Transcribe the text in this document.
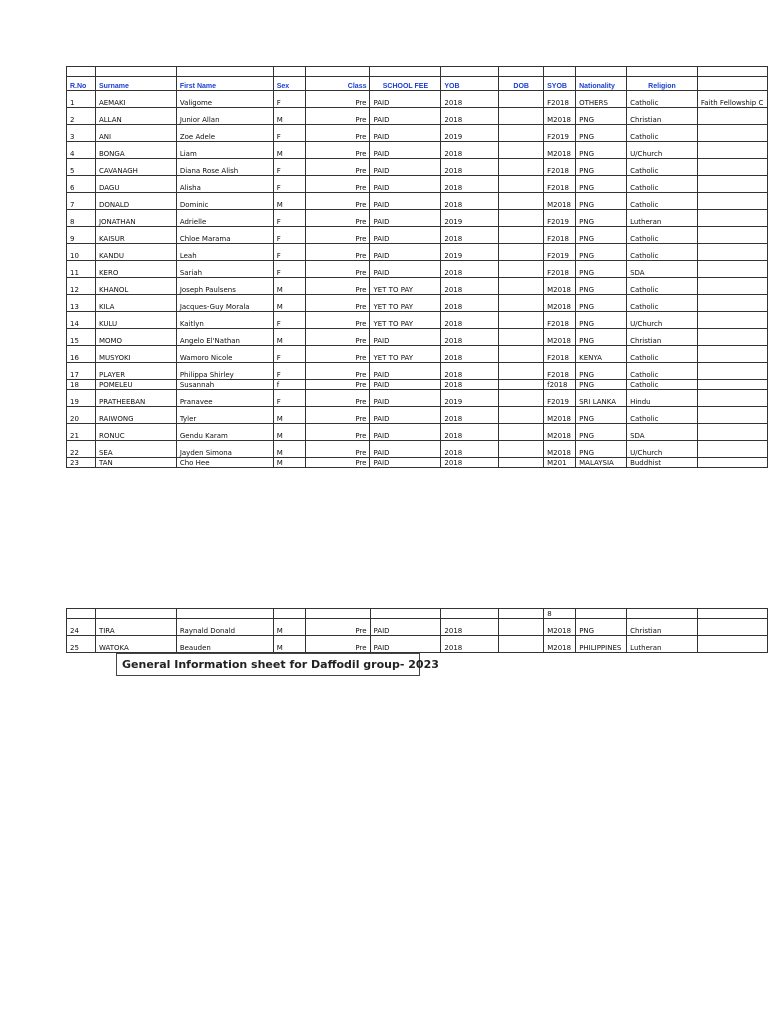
R.No	Surname	First Name	Sex	Class	SCHOOL FEE	YOB	DOB	SYOB	Nationality	Religion	
1	AEMAKI	Valigome	F	Pre	PAID	2018		F2018	OTHERS	Catholic	Faith Fellowship C
2	ALLAN	Junior Allan	M	Pre	PAID	2018		M2018	PNG	Christian	
3	ANI	Zoe Adele	F	Pre	PAID	2019		F2019	PNG	Catholic	
4	BONGA	Liam	M	Pre	PAID	2018		M2018	PNG	U/Church	
5	CAVANAGH	Diana Rose Alish	F	Pre	PAID	2018		F2018	PNG	Catholic	
6	DAGU	Alisha	F	Pre	PAID	2018		F2018	PNG	Catholic	
7	DONALD	Dominic	M	Pre	PAID	2018		M2018	PNG	Catholic	
8	JONATHAN	Adrielle	F	Pre	PAID	2019		F2019	PNG	Lutheran	
9	KAISUR	Chloe Marama	F	Pre	PAID	2018		F2018	PNG	Catholic	
10	KANDU	Leah	F	Pre	PAID	2019		F2019	PNG	Catholic	
11	KERO	Sariah	F	Pre	PAID	2018		F2018	PNG	SDA	
12	KHANOL	Joseph Paulsens	M	Pre	YET TO PAY	2018		M2018	PNG	Catholic	
13	KILA	Jacques-Guy Morala	M	Pre	YET TO PAY	2018		M2018	PNG	Catholic	
14	KULU	Kaitlyn	F	Pre	YET TO PAY	2018		F2018	PNG	U/Church	
15	MOMO	Angelo El'Nathan	M	Pre	PAID	2018		M2018	PNG	Christian	
16	MUSYOKI	Wamoro Nicole	F	Pre	YET TO PAY	2018		F2018	KENYA	Catholic	
17	PLAYER	Philippa Shirley	F	Pre	PAID	2018		F2018	PNG	Catholic	
18	POMELEU	Susannah	f	Pre	PAID	2018		f2018	PNG	Catholic	
19	PRATHEEBAN	Pranavee	F	Pre	PAID	2019		F2019	SRI LANKA	Hindu	
20	RAIWONG	Tyler	M	Pre	PAID	2018		M2018	PNG	Catholic	
21	RONUC	Gendu Karam	M	Pre	PAID	2018		M2018	PNG	SDA	
22	SEA	Jayden Simona	M	Pre	PAID	2018		M2018	PNG	U/Church	
23	TAN	Cho Hee	M	Pre	PAID	2018		M201	MALAYSIA	Buddhist	
								8			
24	TIRA	Raynald Donald	M	Pre	PAID	2018		M2018	PNG	Christian	
25	WATOKA	Beauden	M	Pre	PAID	2018		M2018	PHILIPPINES	Lutheran	
General Information sheet for Daffodil group- 2023
